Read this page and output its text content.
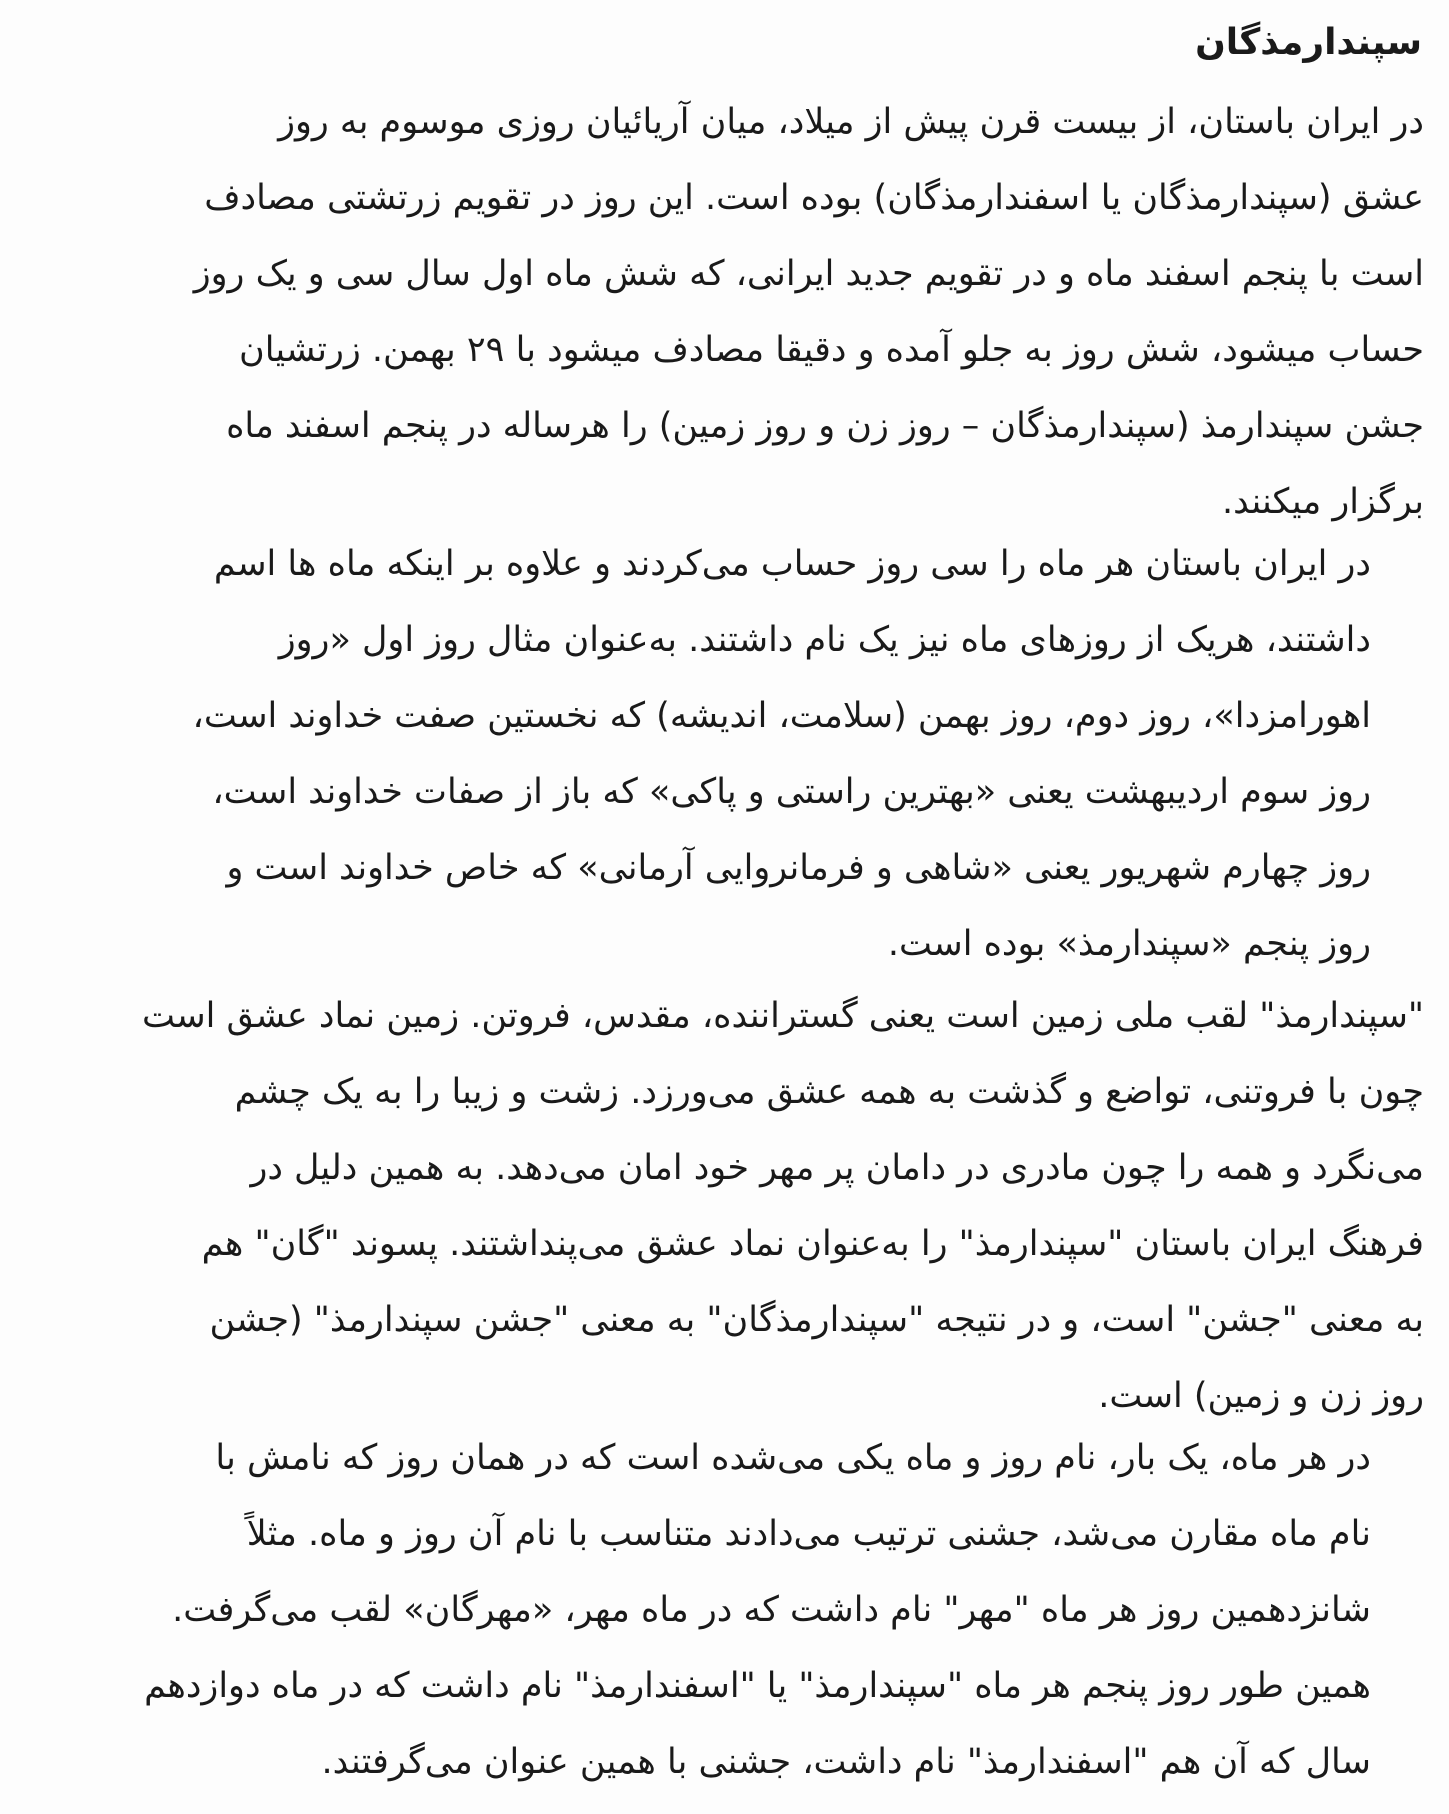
سپندارمذگان
در ایران باستان، از بیست قرن پیش از میلاد، میان آریائیان روزی موسوم به روز
عشق (سپندارمذگان یا اسفندارمذگان) بوده است. این روز در تقویم زرتشتی مصادف
است با پنجم اسفند ماه و در تقویم جدید ایرانی، که شش ماه اول سال سی و یک روز
حساب میشود، شش روز به جلو آمده و دقیقا مصادف میشود با ۲۹ بهمن. زرتشیان
جشن سپندارمذ (سپندارمذگان – روز زن و روز زمین) را هرساله در پنجم اسفند ماه
برگزار میکنند.
در ایران باستان هر ماه را سی روز حساب می‌کردند و علاوه بر اینکه ماه ها اسم
داشتند، هریک از روزهای ماه نیز یک نام داشتند. به‌عنوان مثال روز اول «روز
اهورامزدا»، روز دوم، روز بهمن (سلامت، اندیشه) که نخستین صفت خداوند است،
روز سوم اردیبهشت یعنی «بهترین راستی و پاکی» که باز از صفات خداوند است،
روز چهارم شهریور یعنی «شاهی و فرمانروایی آرمانی» که خاص خداوند است و
روز پنجم «سپندارمذ» بوده است.
"سپندارمذ" لقب ملی زمین است یعنی گستراننده، مقدس، فروتن. زمین نماد عشق است
چون با فروتنی، تواضع و گذشت به همه عشق می‌ورزد. زشت و زیبا را به یک چشم
می‌نگرد و همه را چون مادری در دامان پر مهر خود امان می‌دهد. به همین دلیل در
فرهنگ ایران باستان "سپندارمذ" را به‌عنوان نماد عشق می‌پنداشتند. پسوند "گان" هم
به معنی "جشن" است، و در نتیجه "سپندارمذگان" به معنی "جشن سپندارمذ" (جشن
روز زن و زمین) است.
در هر ماه، یک بار، نام روز و ماه یکی می‌شده است که در همان روز که نامش با
نام ماه مقارن می‌شد، جشنی ترتیب می‌دادند متناسب با نام آن روز و ماه. مثلاً
شانزدهمین روز هر ماه "مهر" نام داشت که در ماه مهر، «مهرگان» لقب می‌گرفت.
همین طور روز پنجم هر ماه "سپندارمذ" یا "اسفندارمذ" نام داشت که در ماه دوازدهم
سال که آن هم "اسفندارمذ" نام داشت، جشنی با همین عنوان می‌گرفتند.
